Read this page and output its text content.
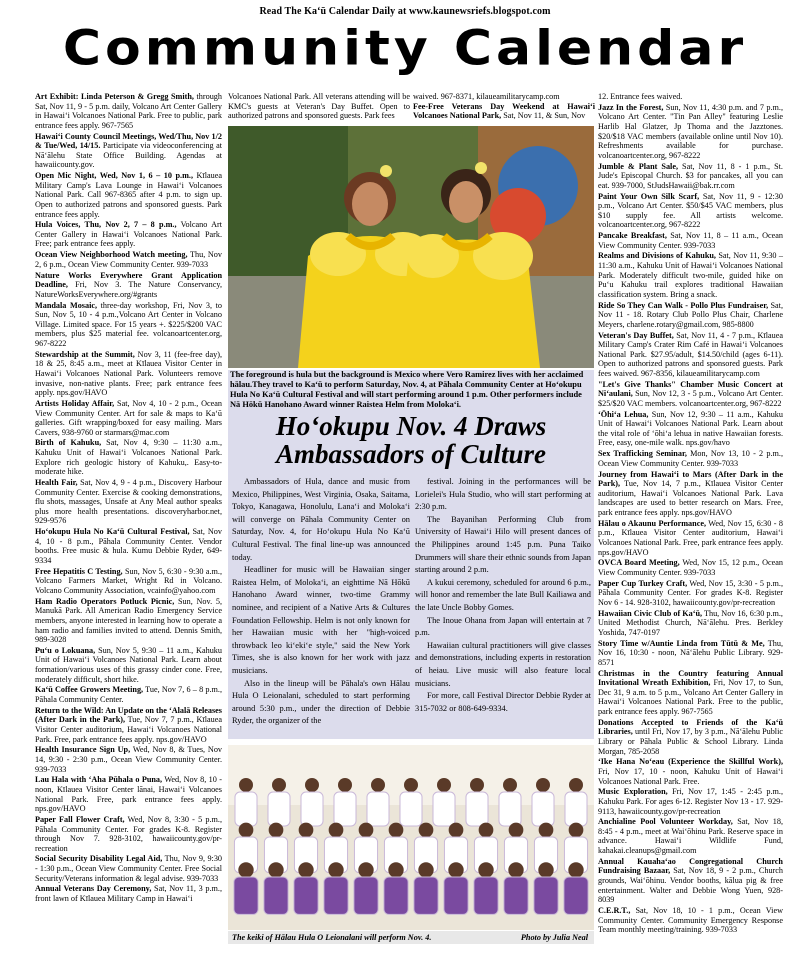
Read The Ka‘ū Calendar Daily at www.kaunewsriefs.blogspot.com
Community Calendar

Art Exhibit: Linda Peterson & Gregg Smith, through Sat, Nov 11, 9 - 5 p.m. daily, Volcano Art Center Gallery in Hawai‘i Volcanoes National Park. Free to public, park entrance fees apply. 967-7565

Hawai‘i County Council Meetings, Wed/Thu, Nov 1/2 & Tue/Wed, 14/15. Participate via videoconferencing at Nā‘ālehu State Office Building. Agendas at hawaiicounty.gov.

Open Mic Night, Wed, Nov 1, 6 – 10 p.m., Kīlauea Military Camp's Lava Lounge in Hawai‘i Volcanoes National Park. Call 967-8365 after 4 p.m. to sign up. Open to authorized patrons and sponsored guests. Park entrance fees apply.

Hula Voices, Thu, Nov 2, 7 – 8 p.m., Volcano Art Center Gallery in Hawai‘i Volcanoes National Park. Free; park entrance fees apply.

Ocean View Neighborhood Watch meeting, Thu, Nov 2, 6 p.m., Ocean View Community Center. 939-7033

Nature Works Everywhere Grant Application Deadline, Fri, Nov 3. The Nature Conservancy, NatureWorksEverywhere.org/#grants

Mandala Mosaic, three-day workshop, Fri, Nov 3, to Sun, Nov 5, 10 - 4 p.m.,Volcano Art Center in Volcano Village. Limited space. For 15 years +. $225/$200 VAC members, plus $25 material fee. volcanoartcenter.org, 967-8222

Stewardship at the Summit, Nov 3, 11 (fee-free day), 18 & 25, 8:45 a.m., meet at Kīlauea Visitor Center in Hawai‘i Volcanoes National Park. Volunteers remove invasive, non-native plants. Free; park entrance fees apply. nps.gov/HAVO

Artists Holiday Affair, Sat, Nov 4, 10 - 2 p.m., Ocean View Community Center. Art for sale & maps to Ka‘ū galleries. Gift wrapping/boxed for easy mailing. Mars Cavers, 938-9760 or starmars@mac.com

Birth of Kahuku, Sat, Nov 4, 9:30 – 11:30 a.m., Kahuku Unit of Hawai‘i Volcanoes National Park. Explore rich geologic history of Kahuku,. Easy-to-moderate hike.

Health Fair, Sat, Nov 4, 9 - 4 p.m., Discovery Harbour Community Center. Exercise & cooking demonstrations, flu shots, massages, Unsafe at Any Meal author speaks plus more health presentations. discoveryharbor.net, 929-9576

Ho‘okupu Hula No Ka‘ū Cultural Festival, Sat, Nov 4, 10 - 8 p.m., Pāhala Community Center. Vendor booths. Free music & hula. Kumu Debbie Ryder, 649-9334

Free Hepatitis C Testing, Sun, Nov 5, 6:30 - 9:30 a.m., Volcano Farmers Market, Wright Rd in Volcano. Volcano Community Association, vcainfo@yahoo.com

Ham Radio Operators Potluck Picnic, Sun, Nov. 5, Manukā Park. All American Radio Emergency Service members, anyone interested in learning how to operate a ham radio and families invited to attend. Dennis Smith, 989-3028

Pu‘u o Lokuana, Sun, Nov 5, 9:30 – 11 a.m., Kahuku Unit of Hawai‘i Volcanoes National Park. Learn about formation/various uses of this grassy cinder cone. Free, moderately difficult, short hike.

Ka‘ū Coffee Growers Meeting, Tue, Nov 7, 6 – 8 p.m., Pāhala Community Center.

Return to the Wild: An Update on the ‘Alalā Releases (After Dark in the Park), Tue, Nov 7, 7 p.m., Kīlauea Visitor Center auditorium, Hawai‘i Volcanoes National Park. Free, park entrance fees apply. nps.gov/HAVO

Health Insurance Sign Up, Wed, Nov 8, & Tues, Nov 14, 9:30 - 2:30 p.m., Ocean View Community Center. 939-7033

Lau Hala with ‘Aha Pūhala o Puna, Wed, Nov 8, 10 - noon, Kīlauea Visitor Center lānai, Hawai‘i Volcanoes National Park. Free, park entrance fees apply. nps.gov/HAVO

Paper Fall Flower Craft, Wed, Nov 8, 3:30 - 5 p.m., Pāhala Community Center. For grades K-8. Register through Nov 7. 928-3102, hawaiicounty.gov/pr-recreation

Social Security Disability Legal Aid, Thu, Nov 9, 9:30 - 1:30 p.m., Ocean View Community Center. Free Social Security/Veterans information & legal advise. 939-7033

Annual Veterans Day Ceremony, Sat, Nov 11, 3 p.m., front lawn of Kīlauea Military Camp in Hawai‘i

Volcanoes National Park. All veterans attending will be KMC's guests at Veteran's Day Buffet. Open to authorized patrons and sponsored guests. Park fees
waived. 967-8371, kilaueamilitarycamp.com
Fee-Free Veterans Day Weekend at Hawai‘i Volcanoes National Park, Sat, Nov 11, & Sun, Nov
The foreground is hula but the background is Mexico where Vero Ramirez lives with her acclaimed hālau.They travel to Ka‘ū to perform Saturday, Nov. 4, at Pāhala Community Center at Ho‘okupu Hula No Ka‘ū Cultural Festival and will start performing around 1 p.m. Other performers include Nā Hōkū Hanohano Award winner Raistea Helm from Moloka‘i.
Ho‘okupu Nov. 4 Draws
Ambassadors of Culture

Ambassadors of Hula, dance and music from Mexico, Philippines, West Virginia, Osaka, Saitama, Tokyo, Kanagawa, Honolulu, Lana‘i and Moloka‘i will converge on Pāhala Community Center on Saturday, Nov. 4, for Ho‘okupu Hula No Ka‘ū Cultural Festival. The final line-up was announced today.

Headliner for music will be Hawaiian singer Raistea Helm, of Moloka‘i, an eighttime Nā Hōkū Hanohano Award winner, two-time Grammy nominee, and recipient of a Native Arts & Cultures Foundation Fellowship. Helm is not only known for her Hawaiian music with her "high-voiced throwback leo ki‘eki‘e style," said the New York Times, she is also known for her work with jazz musicians.

Also in the lineup will be Pāhala's own Hālau Hula O Leionalani, scheduled to start performing around 5:30 p.m., under the direction of Debbie Ryder, the organizer of the

festival. Joining in the performances will be Lorielei's Hula Studio, who will start performing at 2:30 p.m.

The Bayanihan Performing Club from University of Hawai‘i Hilo will present dances of the Philippines around 1:45 p.m. Puna Taiko Drummers will share their ethnic sounds from Japan starting around 2 p.m.

A kukui ceremony, scheduled for around 6 p.m., will honor and remember the late Bull Kailiawa and the late Uncle Bobby Gomes.

The Inoue Ohana from Japan will entertain at 7 p.m.

Hawaiian cultural practitioners will give classes and demonstrations, including experts in restoration of heiau. Live music will also feature local musicians.

For more, call Festival Director Debbie Ryder at 315-7032 or 808-649-9334.

The keiki of Hālau Hula O Leionalani will perform Nov. 4.	Photo by Julia Neal

12. Entrance fees waived.

Jazz In the Forest, Sun, Nov 11, 4:30 p.m. and 7 p.m., Volcano Art Center. "Tin Pan Alley" featuring Leslie Harlib Hal Glatzer, Jp Thoma and the Jazztones. $20/$18 VAC members (available online until Nov 10). Refreshments available for purchase. volcanoartcenter.org, 967-8222

Jumble & Plant Sale, Sat, Nov 11, 8 - 1 p.m., St. Jude's Episcopal Church. $3 for pancakes, all you can eat. 939-7000, StJudsHawaii@bak.rr.com

Paint Your Own Silk Scarf, Sat, Nov 11, 9 - 12:30 p.m., Volcano Art Center. $50/$45 VAC members, plus $10 supply fee. All artists welcome. volcanoartcenter.org, 967-8222

Pancake Breakfast, Sat, Nov 11, 8 – 11 a.m., Ocean View Community Center. 939-7033

Realms and Divisions of Kahuku, Sat, Nov 11, 9:30 – 11:30 a.m., Kahuku Unit of Hawai‘i Volcanoes National Park. Moderately difficult two-mile, guided hike on Pu‘u Kahuku trail explores traditional Hawaiian classification system. Bring a snack.

Ride So They Can Walk - Pollo Plus Fundraiser, Sat, Nov 11 - 18. Rotary Club Pollo Plus Chair, Charlene Meyers, charlene.rotary@gmail.com, 985-8800

Veteran's Day Buffet, Sat, Nov 11, 4 - 7 p.m., Kīlauea Military Camp's Crater Rim Café in Hawai‘i Volcanoes National Park. $27.95/adult, $14.50/child (ages 6-11). Open to authorized patrons and sponsored guests. Park fees waived. 967-8356, kilaueamilitarycamp.com

"Let's Give Thanks" Chamber Music Concert at Ni‘aulani, Sun, Nov 12, 3 - 5 p.m., Volcano Art Center. $25/$20 VAC members. volcanoartcenter.org, 967-8222

‘Ōhi‘a Lehua, Sun, Nov 12, 9:30 – 11 a.m., Kahuku Unit of Hawai‘i Volcanoes National Park. Learn about the vital role of ‘ōhi‘a lehua in native Hawaiian forests. Free, easy, one-mile walk. nps.gov/havo

Sex Trafficking Seminar, Mon, Nov 13, 10 - 2 p.m., Ocean View Community Center. 939-7033

Journey from Hawai‘i to Mars (After Dark in the Park), Tue, Nov 14, 7 p.m., Kīlauea Visitor Center auditorium, Hawai‘i Volcanoes National Park. Lava landscapes are used to better research on Mars. Free, park entrance fees apply. nps.gov/HAVO

Hālau o Akaunu Performance, Wed, Nov 15, 6:30 - 8 p.m., Kīlauea Visitor Center auditorium, Hawai‘i Volcanoes National Park. Free, park entrance fees apply. nps.gov/HAVO

OVCA Board Meeting, Wed, Nov 15, 12 p.m., Ocean View Community Center. 939-7033

Paper Cup Turkey Craft, Wed, Nov 15, 3:30 - 5 p.m., Pāhala Community Center. For grades K-8. Register Nov 6 - 14. 928-3102, hawaiicounty.gov/pr-recreation

Hawaiian Civic Club of Ka‘ū, Thu, Nov 16, 6:30 p.m., United Methodist Church, Nā‘ālehu. Pres. Berkley Yoshida, 747-0197

Story Time w/Auntie Linda from Tūtū & Me, Thu, Nov 16, 10:30 - noon, Nā‘ālehu Public Library. 929-8571

Christmas in the Country featuring Annual Invitational Wreath Exhibition, Fri, Nov 17, to Sun, Dec 31, 9 a.m. to 5 p.m., Volcano Art Center Gallery in Hawai‘i Volcanoes National Park. Free to the public, park entrance fees apply. 967-7565

Donations Accepted to Friends of the Ka‘ū Libraries, until Fri, Nov 17, by 3 p.m., Nā‘ālehu Public Library or Pāhala Public & School Library. Linda Morgan, 785-2058

‘Ike Hana No‘eau (Experience the Skillful Work), Fri, Nov 17, 10 - noon, Kahuku Unit of Hawai‘i Volcanoes National Park. Free.

Music Exploration, Fri, Nov 17, 1:45 - 2:45 p.m., Kahuku Park. For ages 6-12. Register Nov 13 - 17. 929-9113, hawaiicounty.gov/pr-recreation

Anchialine Pool Volunteer Workday, Sat, Nov 18, 8:45 - 4 p.m., meet at Wai‘ōhinu Park. Reserve space in advance. Hawai‘i Wildlife Fund, kahakai.cleanups@gmail.com

Annual Kauaha‘ao Congregational Church Fundraising Bazaar, Sat, Nov 18, 9 - 2 p.m., Church grounds, Wai‘ōhinu. Vendor booths, kālua pig & free entertainment. Walter and Debbie Wong Yuen, 928-8039

C.E.R.T., Sat, Nov 18, 10 - 1 p.m., Ocean View Community Center. Community Emergency Response Team monthly meeting/training. 939-7033
